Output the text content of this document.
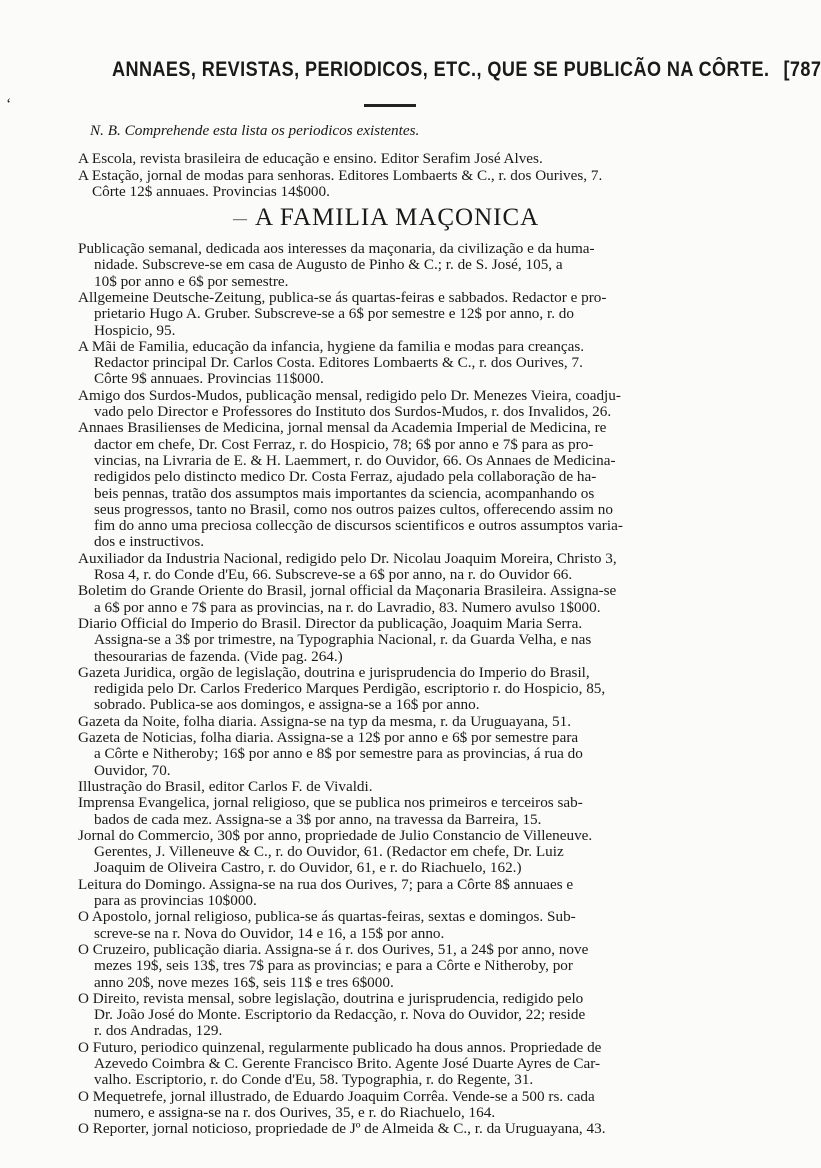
ANNAES, REVISTAS, PERIODICOS, ETC., QUE SE PUBLICÃO NA CÔRTE. [787
‘
N. B. Comprehende esta lista os periodicos existentes.
A Escola, revista brasileira de educação e ensino. Editor Serafim José Alves.
A Estação, jornal de modas para senhoras. Editores Lombaerts & C., r. dos Ourives, 7.
Côrte 12$ annuaes. Provincias 14$000.
— A FAMILIA MAÇONICA
Publicação semanal, dedicada aos interesses da maçonaria, da civilização e da huma-
nidade. Subscreve-se em casa de Augusto de Pinho & C.; r. de S. José, 105, a
10$ por anno e 6$ por semestre.
Allgemeine Deutsche-Zeitung, publica-se ás quartas-feiras e sabbados. Redactor e pro-
prietario Hugo A. Gruber. Subscreve-se a 6$ por semestre e 12$ por anno, r. do
Hospicio, 95.
A Mãi de Familia, educação da infancia, hygiene da familia e modas para creanças.
Redactor principal Dr. Carlos Costa. Editores Lombaerts & C., r. dos Ourives, 7.
Côrte 9$ annuaes. Provincias 11$000.
Amigo dos Surdos-Mudos, publicação mensal, redigido pelo Dr. Menezes Vieira, coadju-
vado pelo Director e Professores do Instituto dos Surdos-Mudos, r. dos Invalidos, 26.
Annaes Brasilienses de Medicina, jornal mensal da Academia Imperial de Medicina, re
dactor em chefe, Dr. Cost Ferraz, r. do Hospicio, 78; 6$ por anno e 7$ para as pro-
vincias, na Livraria de E. & H. Laemmert, r. do Ouvidor, 66. Os Annaes de Medicina-
redigidos pelo distincto medico Dr. Costa Ferraz, ajudado pela collaboração de ha-
beis pennas, tratão dos assumptos mais importantes da sciencia, acompanhando os
seus progressos, tanto no Brasil, como nos outros paizes cultos, offerecendo assim no
fim do anno uma preciosa collecção de discursos scientificos e outros assumptos varia-
dos e instructivos.
Auxiliador da Industria Nacional, redigido pelo Dr. Nicolau Joaquim Moreira, Christo 3,
Rosa 4, r. do Conde d'Eu, 66. Subscreve-se a 6$ por anno, na r. do Ouvidor 66.
Boletim do Grande Oriente do Brasil, jornal official da Maçonaria Brasileira. Assigna-se
a 6$ por anno e 7$ para as provincias, na r. do Lavradio, 83. Numero avulso 1$000.
Diario Official do Imperio do Brasil. Director da publicação, Joaquim Maria Serra.
Assigna-se a 3$ por trimestre, na Typographia Nacional, r. da Guarda Velha, e nas
thesourarias de fazenda. (Vide pag. 264.)
Gazeta Juridica, orgão de legislação, doutrina e jurisprudencia do Imperio do Brasil,
redigida pelo Dr. Carlos Frederico Marques Perdigão, escriptorio r. do Hospicio, 85,
sobrado. Publica-se aos domingos, e assigna-se a 16$ por anno.
Gazeta da Noite, folha diaria. Assigna-se na typ da mesma, r. da Uruguayana, 51.
Gazeta de Noticias, folha diaria. Assigna-se a 12$ por anno e 6$ por semestre para
a Côrte e Nitheroby; 16$ por anno e 8$ por semestre para as provincias, á rua do
Ouvidor, 70.
Illustração do Brasil, editor Carlos F. de Vivaldi.
Imprensa Evangelica, jornal religioso, que se publica nos primeiros e terceiros sab-
bados de cada mez. Assigna-se a 3$ por anno, na travessa da Barreira, 15.
Jornal do Commercio, 30$ por anno, propriedade de Julio Constancio de Villeneuve.
Gerentes, J. Villeneuve & C., r. do Ouvidor, 61. (Redactor em chefe, Dr. Luiz
Joaquim de Oliveira Castro, r. do Ouvidor, 61, e r. do Riachuelo, 162.)
Leitura do Domingo. Assigna-se na rua dos Ourives, 7; para a Côrte 8$ annuaes e
para as provincias 10$000.
O Apostolo, jornal religioso, publica-se ás quartas-feiras, sextas e domingos. Sub-
screve-se na r. Nova do Ouvidor, 14 e 16, a 15$ por anno.
O Cruzeiro, publicação diaria. Assigna-se á r. dos Ourives, 51, a 24$ por anno, nove
mezes 19$, seis 13$, tres 7$ para as provincias; e para a Côrte e Nitheroby, por
anno 20$, nove mezes 16$, seis 11$ e tres 6$000.
O Direito, revista mensal, sobre legislação, doutrina e jurisprudencia, redigido pelo
Dr. João José do Monte. Escriptorio da Redacção, r. Nova do Ouvidor, 22; reside
r. dos Andradas, 129.
O Futuro, periodico quinzenal, regularmente publicado ha dous annos. Propriedade de
Azevedo Coimbra & C. Gerente Francisco Brito. Agente José Duarte Ayres de Car-
valho. Escriptorio, r. do Conde d'Eu, 58. Typographia, r. do Regente, 31.
O Mequetrefe, jornal illustrado, de Eduardo Joaquim Corrêa. Vende-se a 500 rs. cada
numero, e assigna-se na r. dos Ourives, 35, e r. do Riachuelo, 164.
O Reporter, jornal noticioso, propriedade de Jº de Almeida & C., r. da Uruguayana, 43.
